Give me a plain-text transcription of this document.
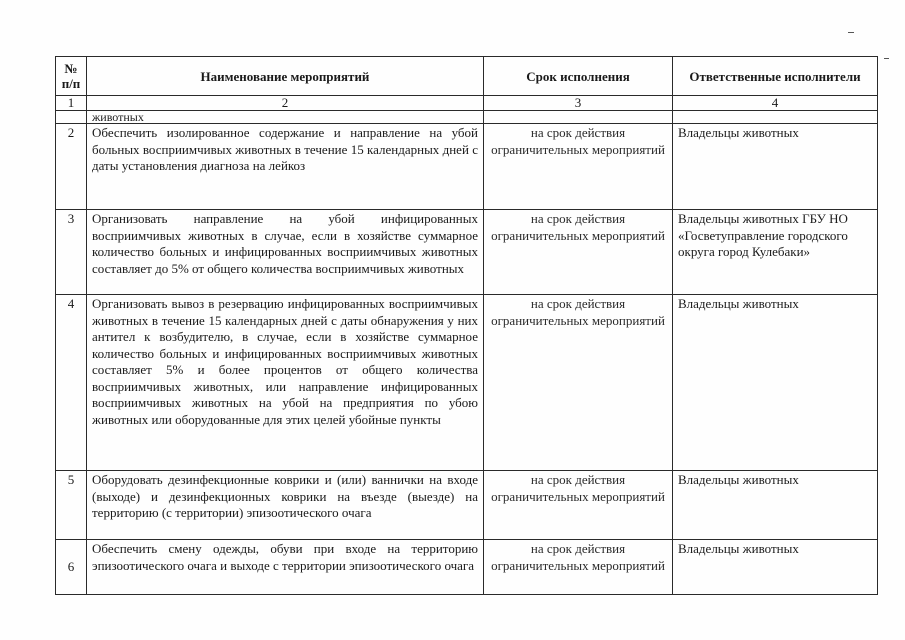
№ п/п	Наименование мероприятий	Срок исполнения	Ответственные исполнители
1	2	3	4
	животных		
2	Обеспечить изолированное содержание и направление на убой больных восприимчивых животных в течение 15 календарных дней с даты установления диагноза на лейкоз	на срок действия ограничительных мероприятий	Владельцы животных
3	Организовать направление на убой инфицированных восприимчивых животных в случае, если в хозяйстве суммарное количество больных и инфицированных восприимчивых животных составляет до 5% от общего количества восприимчивых животных	на срок действия ограничительных мероприятий	Владельцы животных ГБУ НО «Госветуправление городского округа город Кулебаки»
4	Организовать вывоз в резервацию инфицированных восприимчивых животных в течение 15 календарных дней с даты обнаружения у них антител к возбудителю, в случае, если в хозяйстве суммарное количество больных и инфицированных восприимчивых животных составляет 5% и более процентов от общего количества восприимчивых животных, или направление инфицированных восприимчивых животных на убой на предприятия по убою животных или оборудованные для этих целей убойные пункты	на срок действия ограничительных мероприятий	Владельцы животных
5	Оборудовать дезинфекционные коврики и (или) ваннички на входе (выходе) и дезинфекционных коврики на въезде (выезде) на территорию (с территории) эпизоотического очага	на срок действия ограничительных мероприятий	Владельцы животных
6	Обеспечить смену одежды, обуви при входе на территорию эпизоотического очага и выходе с территории эпизоотического очага	на срок действия ограничительных мероприятий	Владельцы животных
